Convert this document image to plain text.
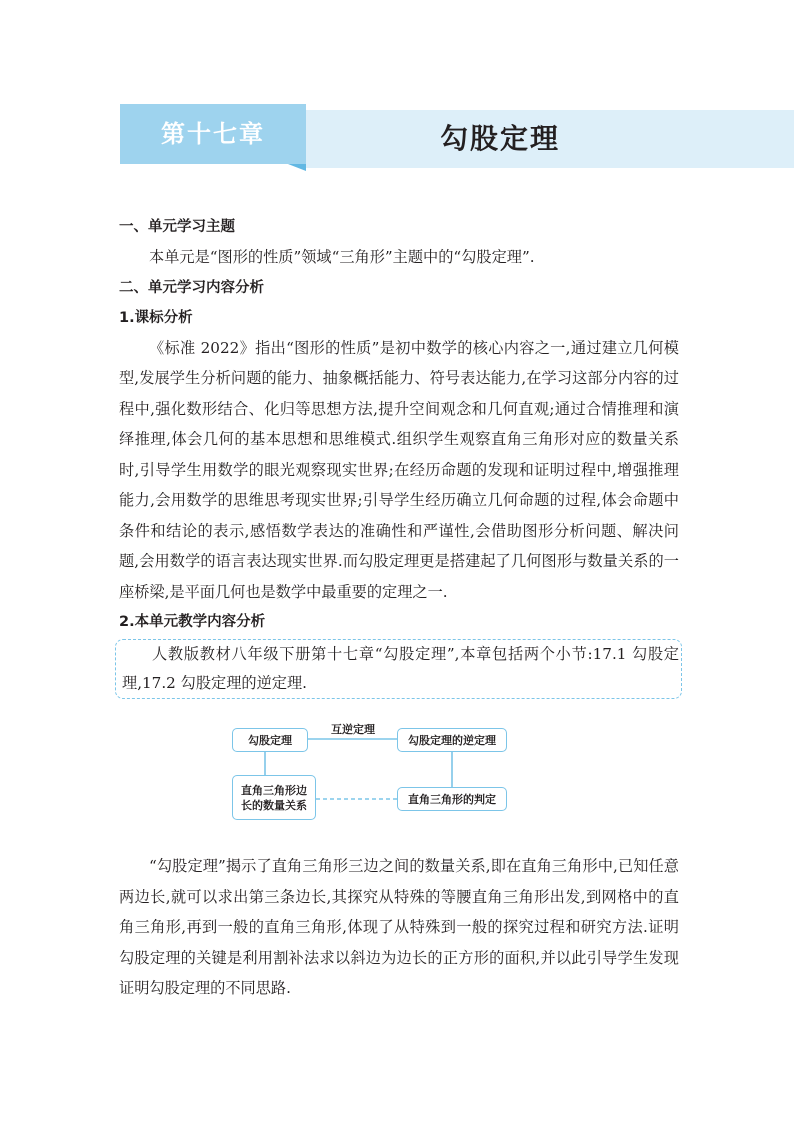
第十七章	勾股定理
一、单元学习主题

本单元是“图形的性质”领域“三角形”主题中的“勾股定理”.

二、单元学习内容分析
1.课标分析

《标准 2022》指出“图形的性质”是初中数学的核心内容之一,通过建立几何模型,发展学生分析问题的能力、抽象概括能力、符号表达能力,在学习这部分内容的过程中,强化数形结合、化归等思想方法,提升空间观念和几何直观;通过合情推理和演绎推理,体会几何的基本思想和思维模式.组织学生观察直角三角形对应的数量关系时,引导学生用数学的眼光观察现实世界;在经历命题的发现和证明过程中,增强推理能力,会用数学的思维思考现实世界;引导学生经历确立几何命题的过程,体会命题中条件和结论的表示,感悟数学表达的准确性和严谨性,会借助图形分析问题、解决问题,会用数学的语言表达现实世界.而勾股定理更是搭建起了几何图形与数量关系的一座桥梁,是平面几何也是数学中最重要的定理之一.

2.本单元教学内容分析

人教版教材八年级下册第十七章“勾股定理”,本章包括两个小节:17.1 勾股定理,17.2 勾股定理的逆定理.

勾股定理
互逆定理
勾股定理的逆定理
直角三角形边长的数量关系	直角三角形的判定

“勾股定理”揭示了直角三角形三边之间的数量关系,即在直角三角形中,已知任意两边长,就可以求出第三条边长,其探究从特殊的等腰直角三角形出发,到网格中的直角三角形,再到一般的直角三角形,体现了从特殊到一般的探究过程和研究方法.证明勾股定理的关键是利用割补法求以斜边为边长的正方形的面积,并以此引导学生发现证明勾股定理的不同思路.
